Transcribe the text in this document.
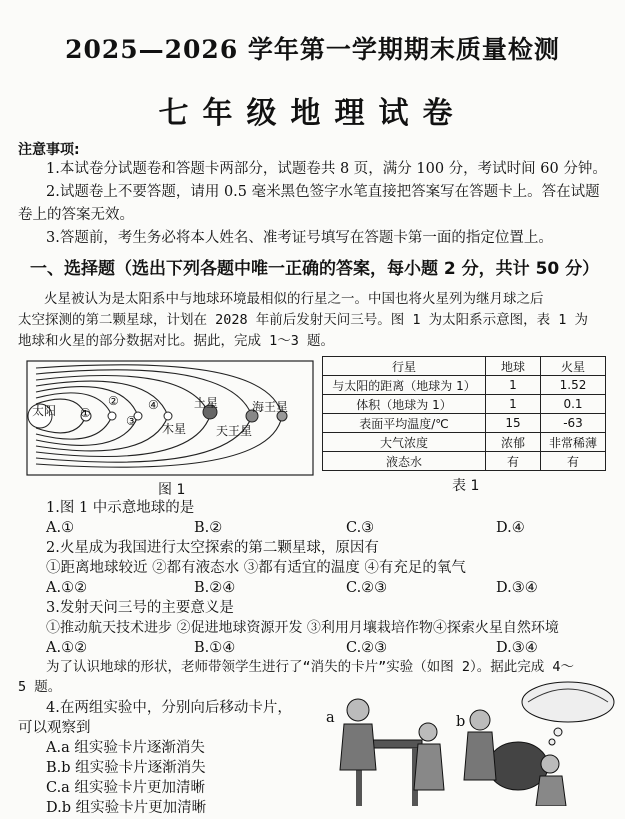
2025—2026 学年第一学期期末质量检测
七年级地理试卷
注意事项:
1.本试卷分试题卷和答题卡两部分，试题卷共 8 页，满分 100 分，考试时间 60 分钟。
2.试题卷上不要答题，请用 0.5 毫米黑色签字水笔直接把答案写在答题卡上。答在试题
卷上的答案无效。
3.答题前，考生务必将本人姓名、准考证号填写在答题卡第一面的指定位置上。
一、选择题（选出下列各题中唯一正确的答案，每小题 2 分，共计 50 分）
火星被认为是太阳系中与地球环境最相似的行星之一。中国也将火星列为继月球之后
太空探测的第二颗星球，计划在 2028 年前后发射天问三号。图 1 为太阳系示意图，表 1 为
地球和火星的部分数据对比。据此，完成 1～3 题。
太阳 ①
②
③
④	土星	海王星
木星 天王星
图 1
行星	地球	火星
与太阳的距离（地球为 1）	1	1.52
体积（地球为 1）	1	0.1
表面平均温度/℃	15	-63
大气浓度	浓郁	非常稀薄
液态水	有	有
表 1
1.图 1 中示意地球的是
A.①	B.②	C.③	D.④
2.火星成为我国进行太空探索的第二颗星球，原因有
①距离地球较近 ②都有液态水 ③都有适宜的温度 ④有充足的氧气
A.①②	B.②④	C.②③	D.③④
3.发射天问三号的主要意义是
①推动航天技术进步 ②促进地球资源开发 ③利用月壤栽培作物④探索火星自然环境
A.①②	B.①④	C.②③	D.③④
为了认识地球的形状，老师带领学生进行了“消失的卡片”实验（如图 2）。据此完成 4～
5 题。
4.在两组实验中，分别向后移动卡片，
可以观察到
A.a 组实验卡片逐渐消失
B.b 组实验卡片逐渐消失
C.a 组实验卡片更加清晰
D.b 组实验卡片更加清晰
a	b
